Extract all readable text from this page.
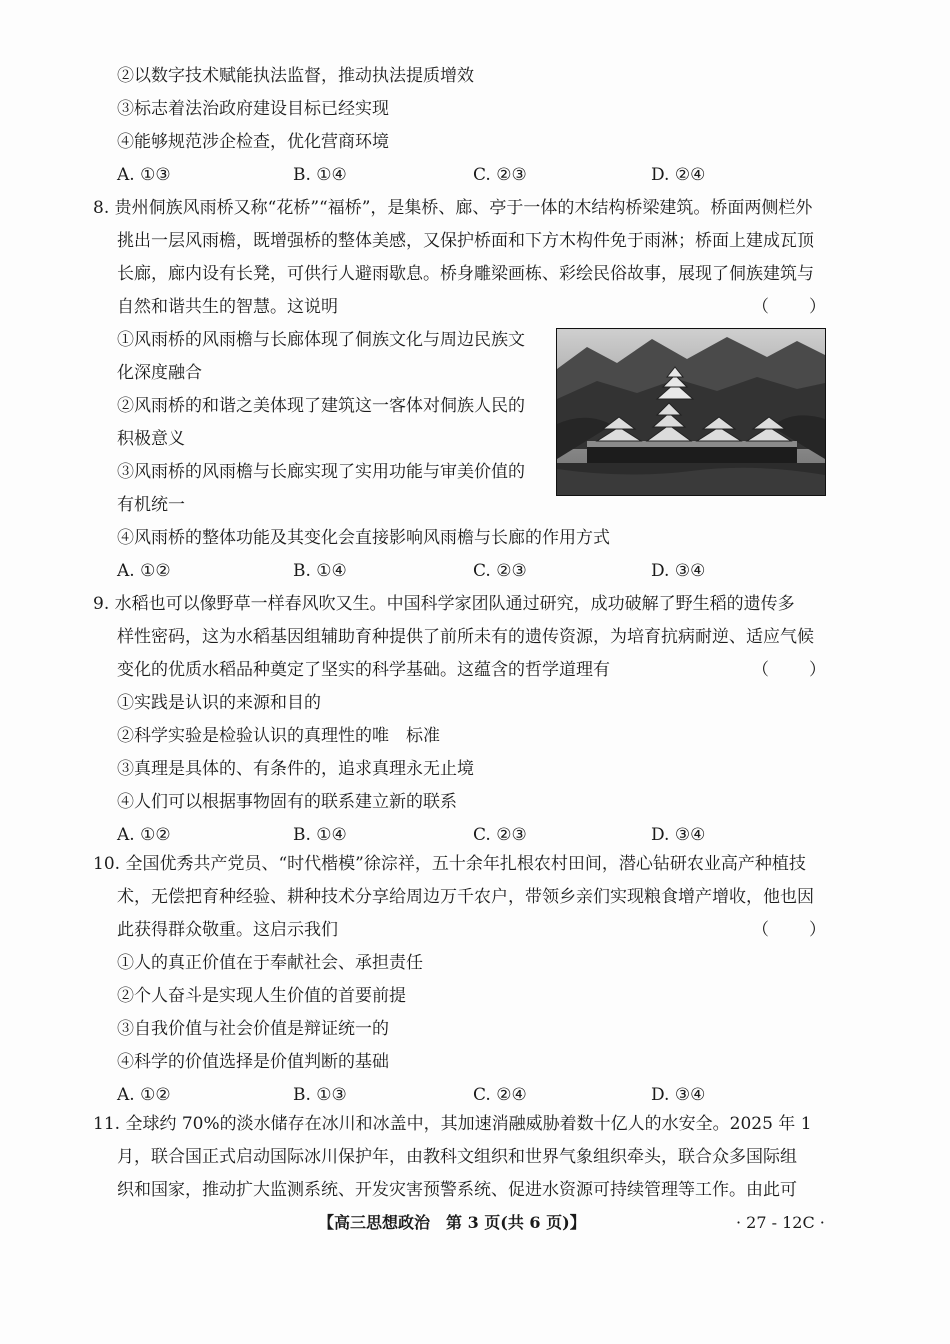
②以数字技术赋能执法监督，推动执法提质增效
③标志着法治政府建设目标已经实现
④能够规范涉企检查，优化营商环境
A. ①③	B. ①④	C. ②③	D. ②④
8. 贵州侗族风雨桥又称“花桥”“福桥”，是集桥、廊、亭于一体的木结构桥梁建筑。桥面两侧栏外
挑出一层风雨檐，既增强桥的整体美感，又保护桥面和下方木构件免于雨淋；桥面上建成瓦顶
长廊，廊内设有长凳，可供行人避雨歇息。桥身雕梁画栋、彩绘民俗故事，展现了侗族建筑与
自然和谐共生的智慧。这说明	（　　）
①风雨桥的风雨檐与长廊体现了侗族文化与周边民族文
化深度融合
②风雨桥的和谐之美体现了建筑这一客体对侗族人民的
积极意义
③风雨桥的风雨檐与长廊实现了实用功能与审美价值的
有机统一
④风雨桥的整体功能及其变化会直接影响风雨檐与长廊的作用方式
A. ①②	B. ①④	C. ②③	D. ③④
9. 水稻也可以像野草一样春风吹又生。中国科学家团队通过研究，成功破解了野生稻的遗传多
样性密码，这为水稻基因组辅助育种提供了前所未有的遗传资源，为培育抗病耐逆、适应气候
变化的优质水稻品种奠定了坚实的科学基础。这蕴含的哲学道理有	（　　）
①实践是认识的来源和目的
②科学实验是检验认识的真理性的唯　标准
③真理是具体的、有条件的，追求真理永无止境
④人们可以根据事物固有的联系建立新的联系
A. ①②	B. ①④	C. ②③	D. ③④
10. 全国优秀共产党员、“时代楷模”徐淙祥，五十余年扎根农村田间，潜心钻研农业高产种植技
术，无偿把育种经验、耕种技术分享给周边万千农户，带领乡亲们实现粮食增产增收，他也因
此获得群众敬重。这启示我们	（　　）
①人的真正价值在于奉献社会、承担责任
②个人奋斗是实现人生价值的首要前提
③自我价值与社会价值是辩证统一的
④科学的价值选择是价值判断的基础
A. ①②	B. ①③	C. ②④	D. ③④
11. 全球约 70%的淡水储存在冰川和冰盖中，其加速消融威胁着数十亿人的水安全。2025 年 1
月，联合国正式启动国际冰川保护年，由教科文组织和世界气象组织牵头，联合众多国际组
织和国家，推动扩大监测系统、开发灾害预警系统、促进水资源可持续管理等工作。由此可
【高三思想政治　第 3 页(共 6 页)】	· 27 - 12C ·
